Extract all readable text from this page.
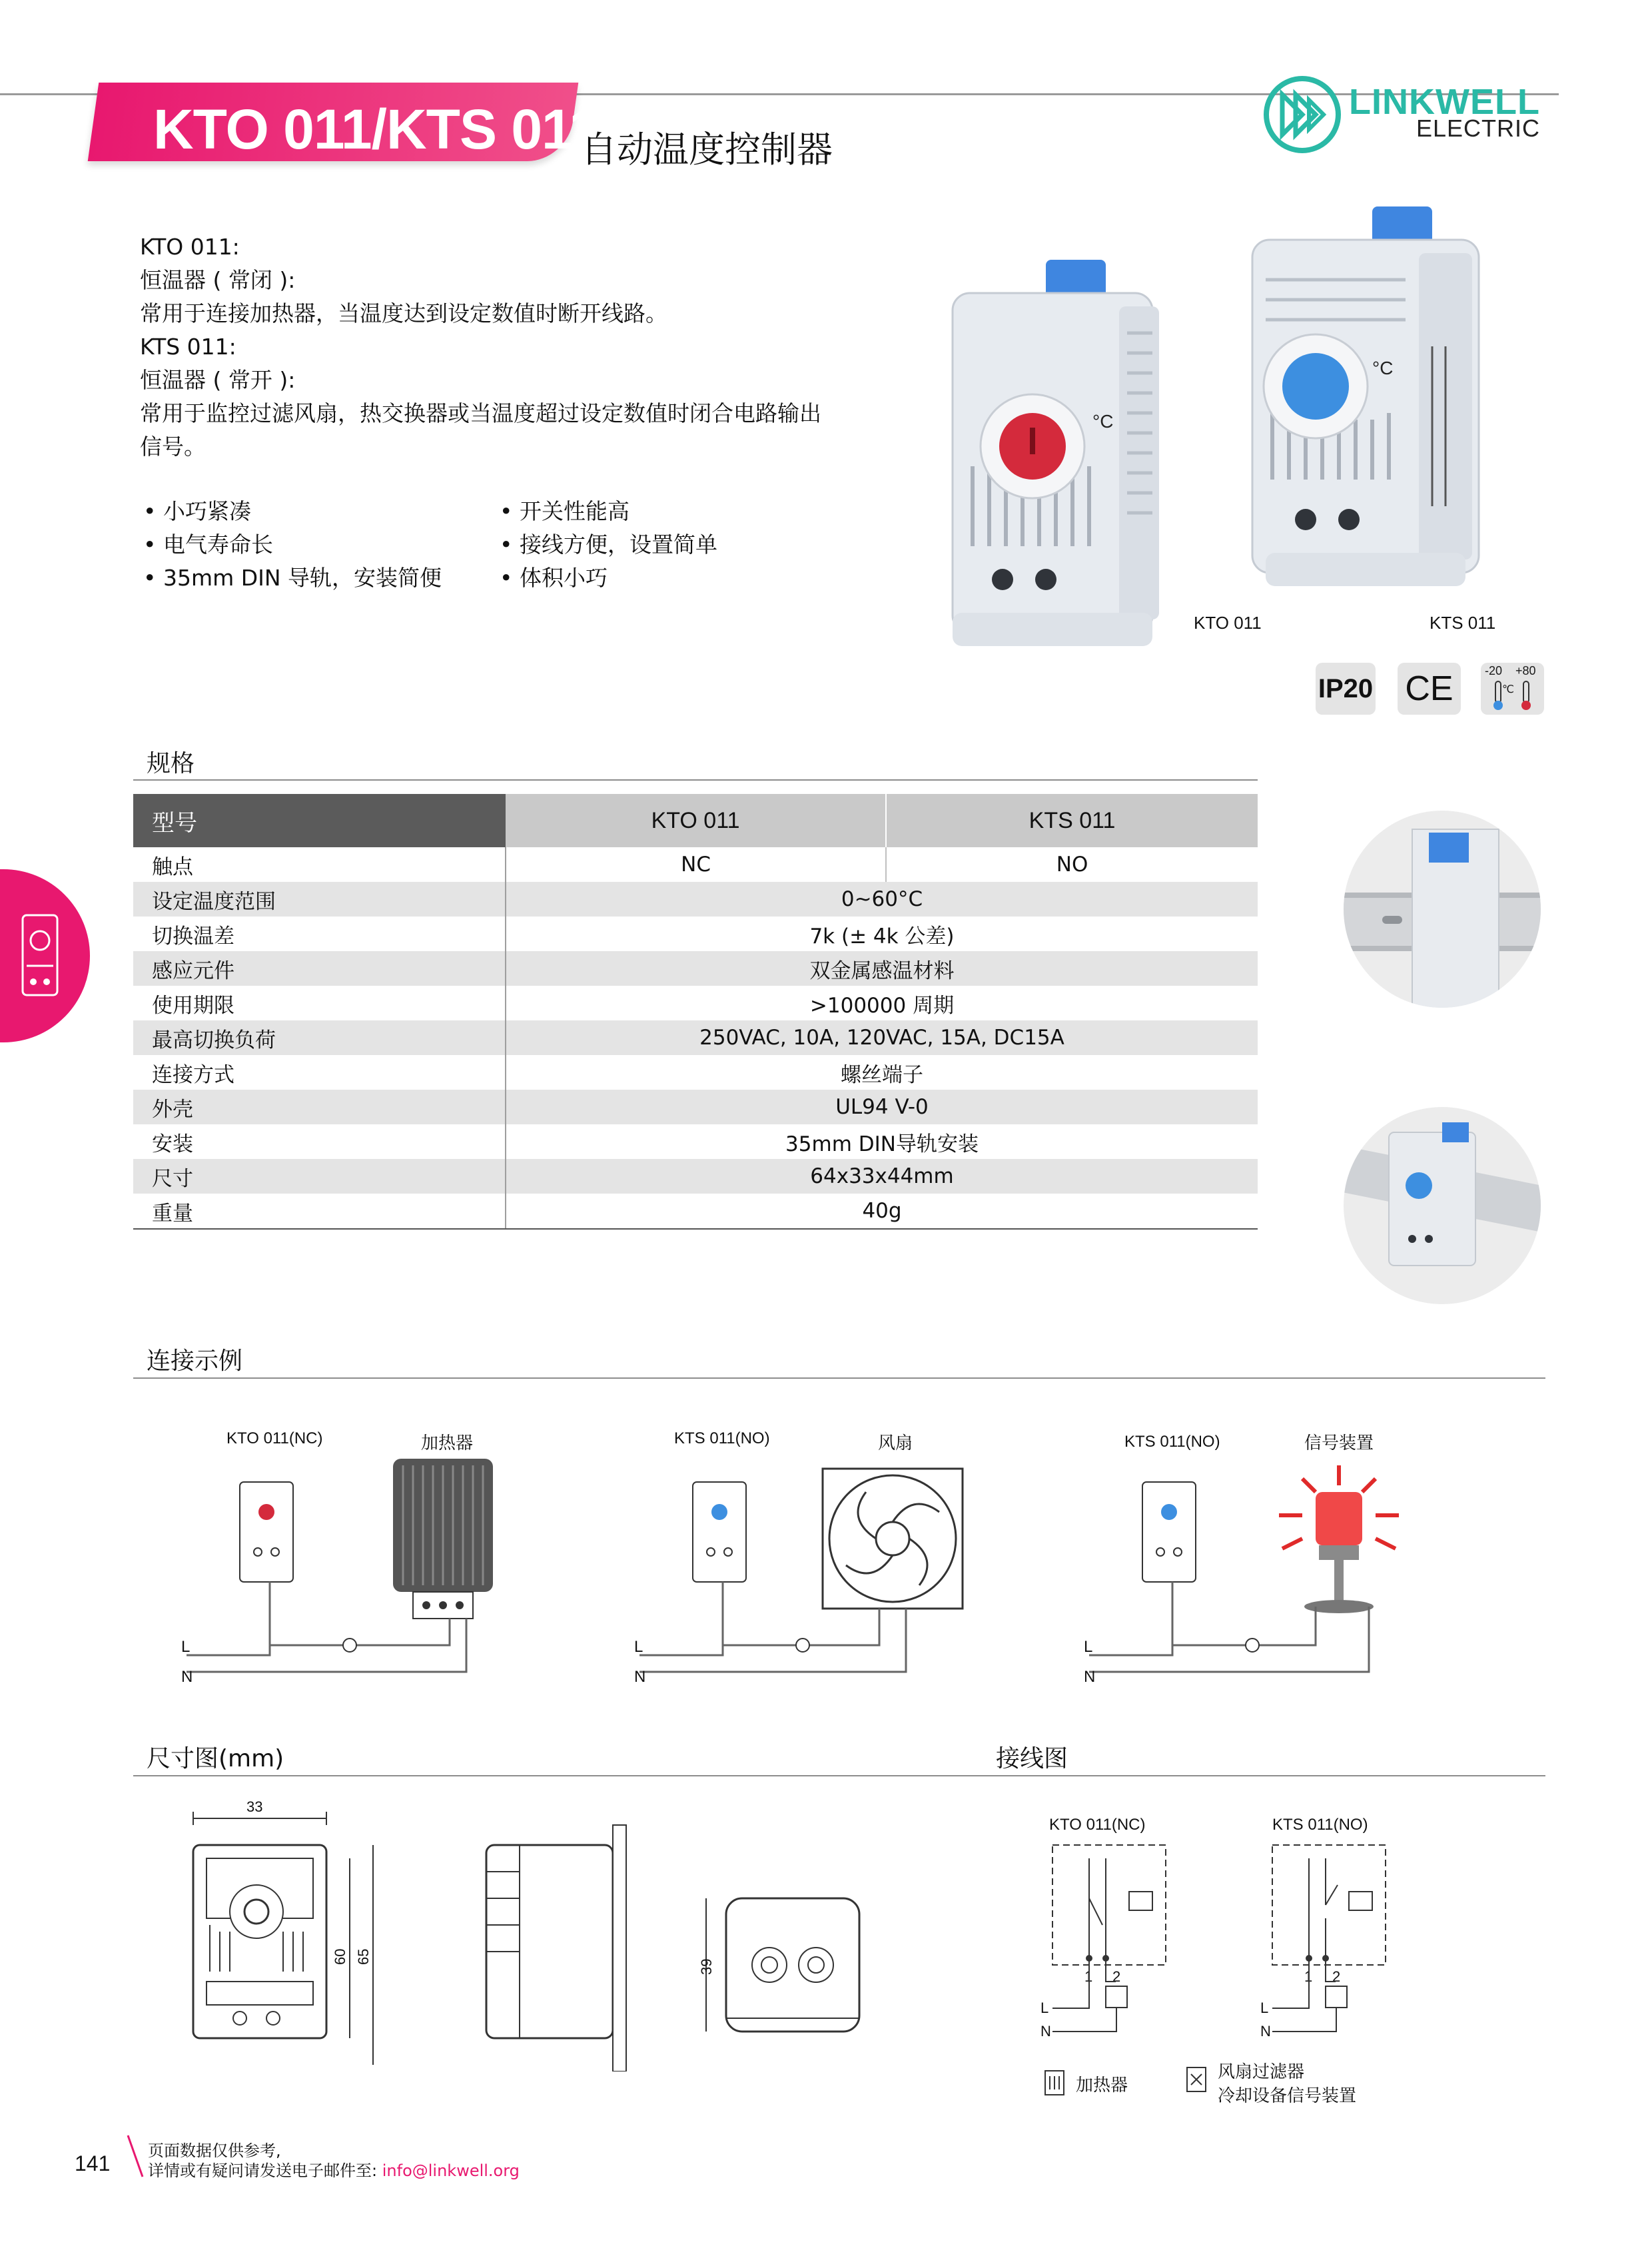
KTO 011/KTS 011
自动温度控制器
LINKWELL
ELECTRIC
KTO 011:
恒温器 ( 常闭 ):
常用于连接加热器，当温度达到设定数值时断开线路。
KTS 011:
恒温器 ( 常开 ):
常用于监控过滤风扇，热交换器或当温度超过设定数值时闭合电路输出
信号。
• 小巧紧凑
• 电气寿命长
• 35mm DIN 导轨，安装简便
• 开关性能高
• 接线方便，设置简单
• 体积小巧
°C
°C
KTO 011	KTS 011
IP20 CE	-20 +80
℃
规格
型号	KTO 011	KTS 011
触点	NC	NO
设定温度范围	0~60°C	
切换温差	7k (± 4k 公差)	
感应元件	双金属感温材料	
使用期限	>100000 周期	
最高切换负荷	250VAC, 10A, 120VAC, 15A, DC15A	
连接方式	螺丝端子	
外壳	UL94 V-0	
安装	35mm DIN导轨安装	
尺寸	64x33x44mm	
重量	40g	
连接示例
KTO 011(NC)	加热器
L
N
KTS 011(NO)	风扇
L
N
KTS 011(NO)	信号装置
L
N
尺寸图(mm)	接线图
33
60 65
39
KTO 011(NC)	KTS 011(NO)
1 2
L
N
1 2
L
N
加热器
风扇过滤器
冷却设备信号装置
141
页面数据仅供参考,
详情或有疑问请发送电子邮件至: info@linkwell.org
